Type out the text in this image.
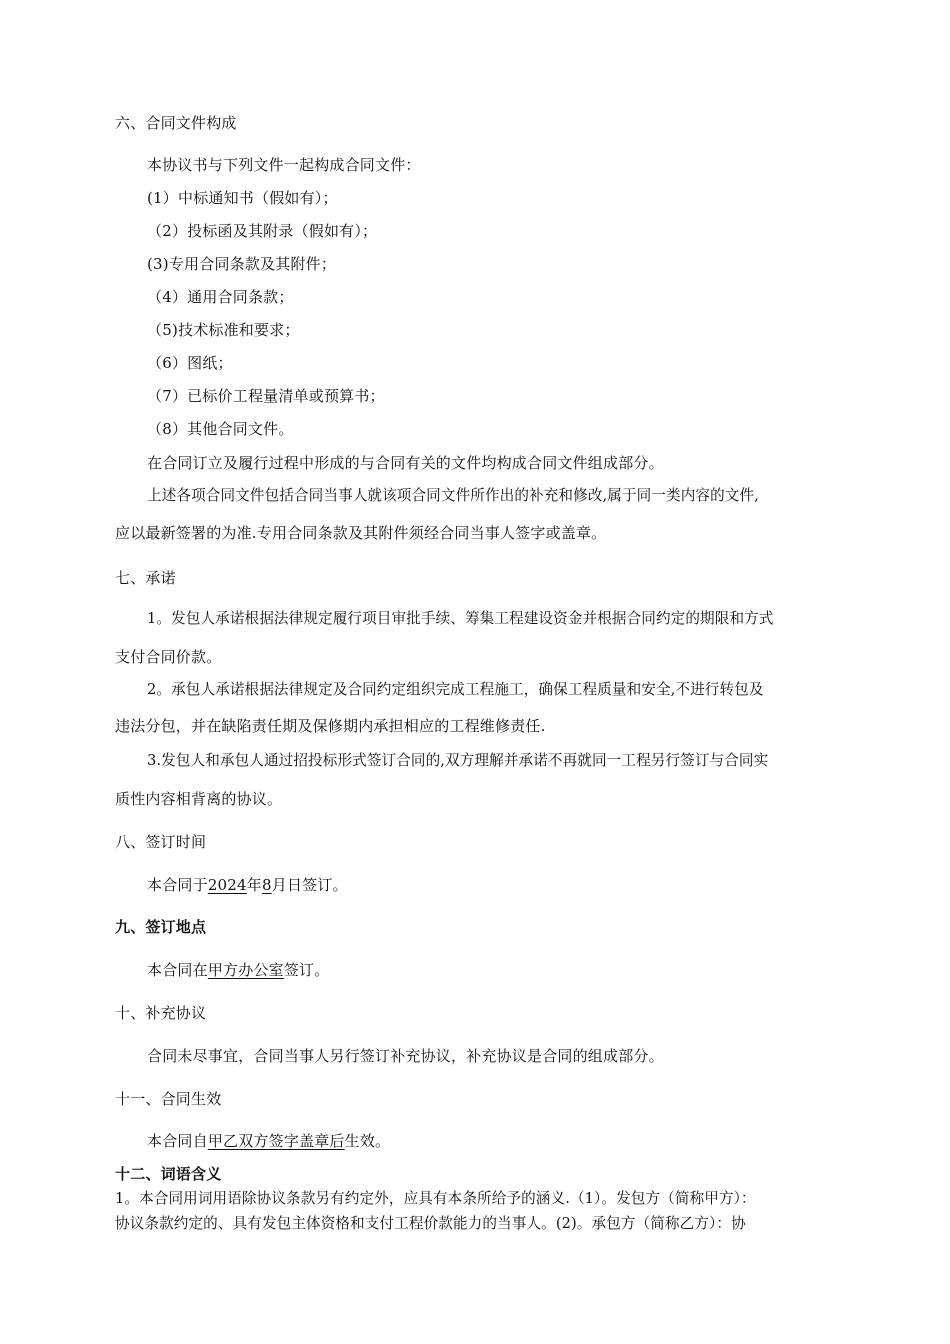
六、合同文件构成
本协议书与下列文件一起构成合同文件：
(1）中标通知书（假如有）；
（2）投标函及其附录（假如有）；
(3)专用合同条款及其附件；
（4）通用合同条款；
（5)技术标准和要求；
（6）图纸；
（7）已标价工程量清单或预算书；
（8）其他合同文件。
在合同订立及履行过程中形成的与合同有关的文件均构成合同文件组成部分。
上述各项合同文件包括合同当事人就该项合同文件所作出的补充和修改,属于同一类内容的文件,
应以最新签署的为准.专用合同条款及其附件须经合同当事人签字或盖章。
七、承诺
1。发包人承诺根据法律规定履行项目审批手续、筹集工程建设资金并根据合同约定的期限和方式
支付合同价款。
2。承包人承诺根据法律规定及合同约定组织完成工程施工，确保工程质量和安全,不进行转包及
违法分包，并在缺陷责任期及保修期内承担相应的工程维修责任.
3.发包人和承包人通过招投标形式签订合同的,双方理解并承诺不再就同一工程另行签订与合同实
质性内容相背离的协议。
八、签订时间
本合同于2024年8月日签订。
九、签订地点
本合同在甲方办公室签订。
十、补充协议
合同未尽事宜，合同当事人另行签订补充协议，补充协议是合同的组成部分。
十一、合同生效
本合同自甲乙双方签字盖章后生效。
十二、词语含义
1。本合同用词用语除协议条款另有约定外，应具有本条所给予的涵义.（1）。发包方（简称甲方）：
协议条款约定的、具有发包主体资格和支付工程价款能力的当事人。(2)。承包方（简称乙方）：协
